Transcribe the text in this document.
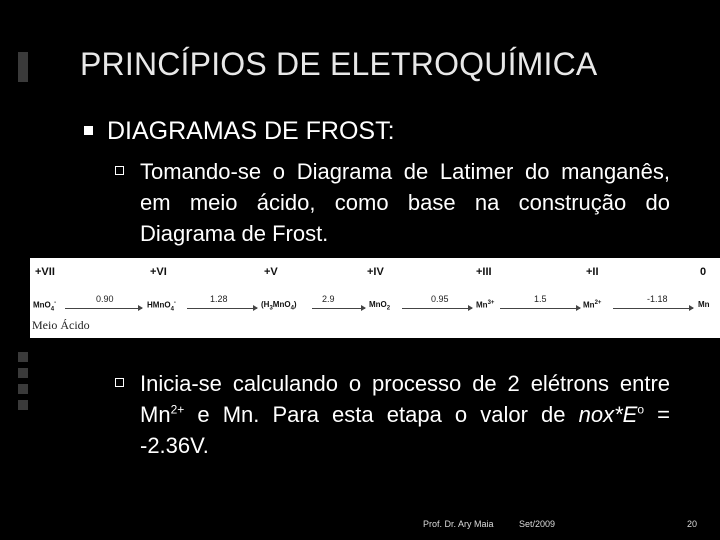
PRINCÍPIOS DE ELETROQUÍMICA
DIAGRAMAS DE FROST:
Tomando-se o Diagrama de Latimer do manganês, em meio ácido, como base na construção do Diagrama de Frost.
+VII	+VI	+V	+IV	+III	+II	0
MnO$_4$-	HMnO$_4$-	$(H_3MnO_4)$	MnO$_2$	$Mn^{3+}$	$Mn^{2+}$	Mn
0.90	1.28	2.9	0.95	1.5	-1.18
Meio Ácido
Inicia-se calculando o processo de 2 elétrons entre $Mn^{2+}$ e Mn. Para esta etapa o valor de $nox*E^o = -2.36V$.
Prof. Dr. Ary Maia	Set/2009	20
